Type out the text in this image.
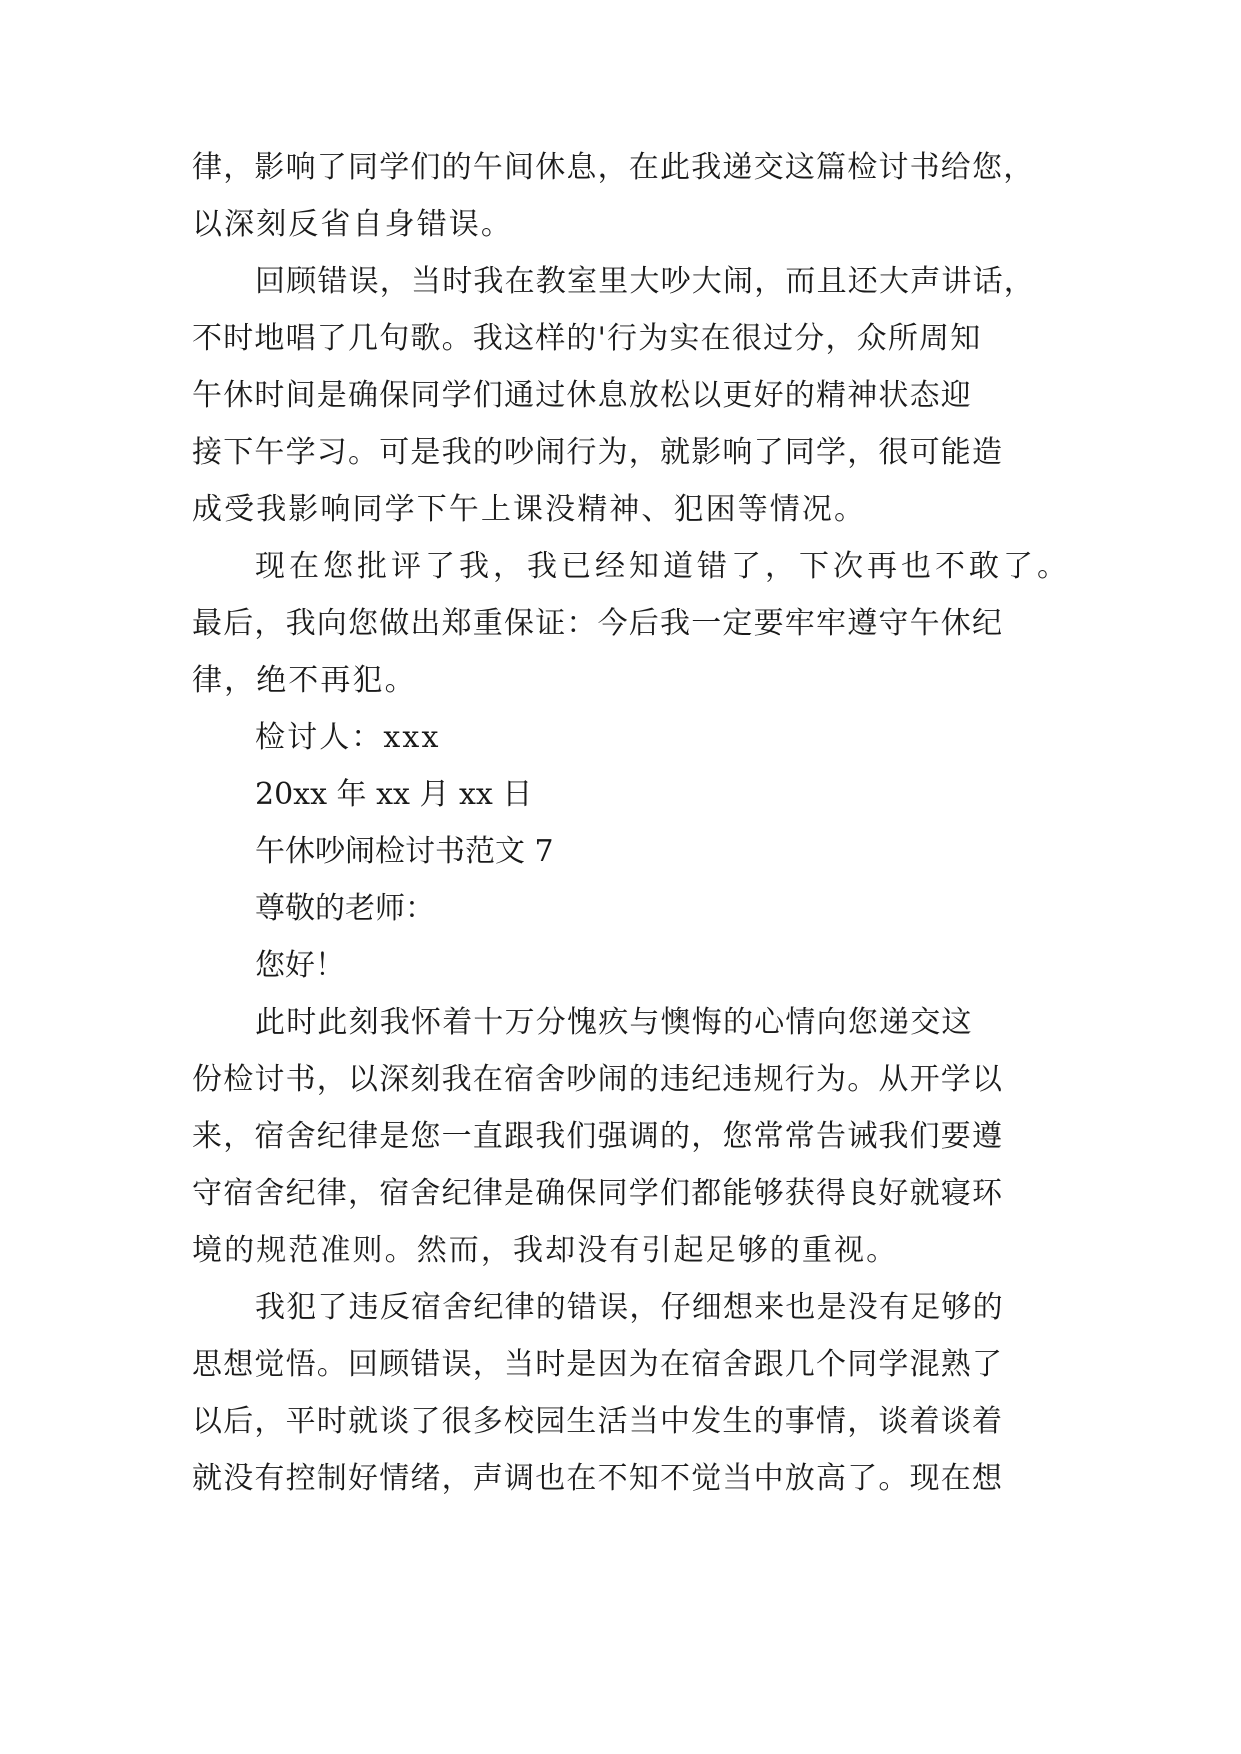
律，影响了同学们的午间休息，在此我递交这篇检讨书给您，

以深刻反省自身错误。

回顾错误，当时我在教室里大吵大闹，而且还大声讲话，

不时地唱了几句歌。我这样的'行为实在很过分，众所周知

午休时间是确保同学们通过休息放松以更好的精神状态迎

接下午学习。可是我的吵闹行为，就影响了同学，很可能造

成受我影响同学下午上课没精神、犯困等情况。

现在您批评了我，我已经知道错了，下次再也不敢了。

最后，我向您做出郑重保证：今后我一定要牢牢遵守午休纪

律，绝不再犯。

检讨人：xxx

20xx 年 xx 月 xx 日

午休吵闹检讨书范文 7

尊敬的老师：

您好！

此时此刻我怀着十万分愧疚与懊悔的心情向您递交这

份检讨书，以深刻我在宿舍吵闹的违纪违规行为。从开学以

来，宿舍纪律是您一直跟我们强调的，您常常告诫我们要遵

守宿舍纪律，宿舍纪律是确保同学们都能够获得良好就寝环

境的规范准则。然而，我却没有引起足够的重视。

我犯了违反宿舍纪律的错误，仔细想来也是没有足够的

思想觉悟。回顾错误，当时是因为在宿舍跟几个同学混熟了

以后，平时就谈了很多校园生活当中发生的事情，谈着谈着

就没有控制好情绪，声调也在不知不觉当中放高了。现在想
